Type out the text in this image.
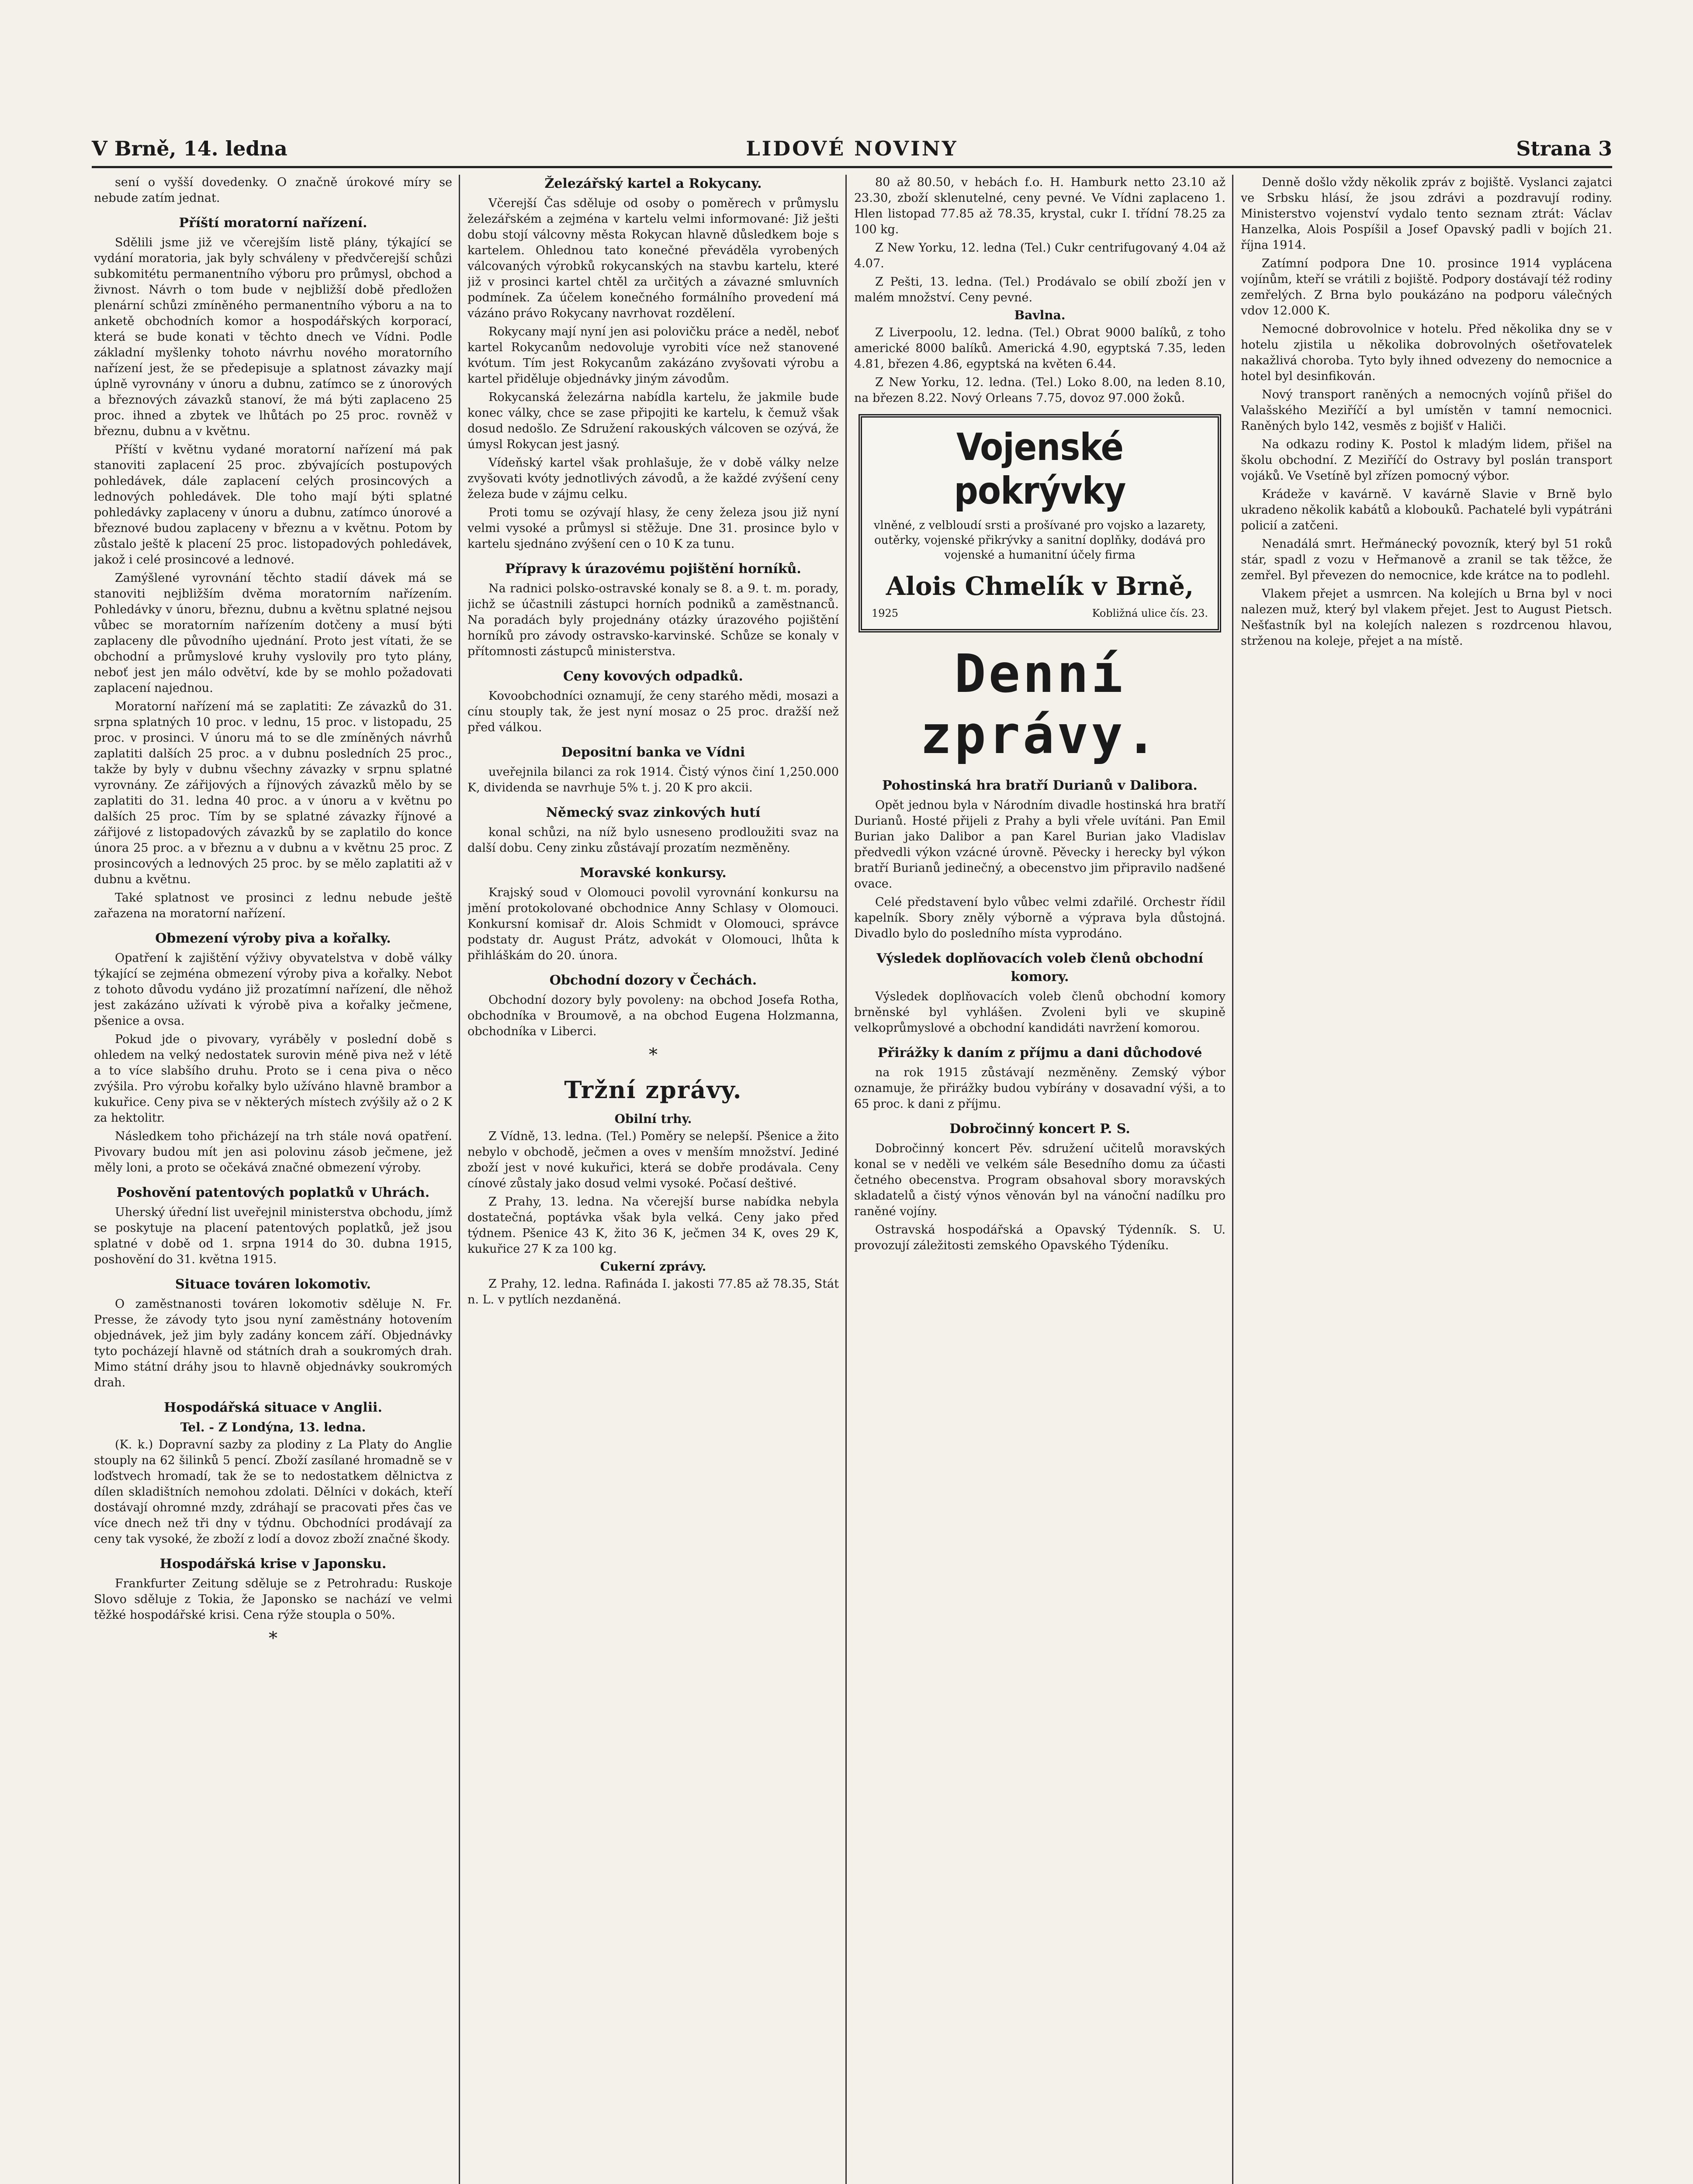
LIDOVÉ NOVINY
V Brně, 14. ledna	Strana 3

sení o vyšší dovedenky. O značně úrokové míry se nebude zatím jednat.

Příští moratorní nařízení.

Sdělili jsme již ve včerejším listě plány, týkající se vydání moratoria, jak byly schváleny v předvčerejší schůzi subkomitétu permanentního výboru pro průmysl, obchod a živnost. Návrh o tom bude v nejbližší době předložen plenární schůzi zmíněného permanentního výboru a na to anketě obchodních komor a hospodářských korporací, která se bude konati v těchto dnech ve Vídni. Podle základní myšlenky tohoto návrhu nového moratorního nařízení jest, že se předepisuje a splatnost závazky mají úplně vyrovnány v únoru a dubnu, zatímco se z únorových a březnových závazků stanoví, že má býti zaplaceno 25 proc. ihned a zbytek ve lhůtách po 25 proc. rovněž v březnu, dubnu a v květnu.

Příští v květnu vydané moratorní nařízení má pak stanoviti zaplacení 25 proc. zbývajících postupových pohledávek, dále zaplacení celých prosincových a lednových pohledávek. Dle toho mají býti splatné pohledávky zaplaceny v únoru a dubnu, zatímco únorové a březnové budou zaplaceny v březnu a v květnu. Potom by zůstalo ještě k placení 25 proc. listopadových pohledávek, jakož i celé prosincové a lednové.

Zamýšlené vyrovnání těchto stadií dávek má se stanoviti nejbližším dvěma moratorním nařízením. Pohledávky v únoru, březnu, dubnu a květnu splatné nejsou vůbec se moratorním nařízením dotčeny a musí býti zaplaceny dle původního ujednání. Proto jest vítati, že se obchodní a průmyslové kruhy vyslovily pro tyto plány, neboť jest jen málo odvětví, kde by se mohlo požadovati zaplacení najednou.

Moratorní nařízení má se zaplatiti: Ze závazků do 31. srpna splatných 10 proc. v lednu, 15 proc. v listopadu, 25 proc. v prosinci. V únoru má to se dle zmíněných návrhů zaplatiti dalších 25 proc. a v dubnu posledních 25 proc., takže by byly v dubnu všechny závazky v srpnu splatné vyrovnány. Ze zářijových a říjnových závazků mělo by se zaplatiti do 31. ledna 40 proc. a v únoru a v květnu po dalších 25 proc. Tím by se splatné závazky říjnové a zářijové z listopadových závazků by se zaplatilo do konce února 25 proc. a v březnu a v dubnu a v květnu 25 proc. Z prosincových a lednových 25 proc. by se mělo zaplatiti až v dubnu a květnu.

Také splatnost ve prosinci z lednu nebude ještě zařazena na moratorní nařízení.

Obmezení výroby piva a kořalky.

Opatření k zajištění výživy obyvatelstva v době války týkající se zejména obmezení výroby piva a kořalky. Nebot z tohoto důvodu vydáno již prozatímní nařízení, dle něhož jest zakázáno užívati k výrobě piva a kořalky ječmene, pšenice a ovsa.

Pokud jde o pivovary, vyráběly v poslední době s ohledem na velký nedostatek surovin méně piva než v létě a to více slabšího druhu. Proto se i cena piva o něco zvýšila. Pro výrobu kořalky bylo užíváno hlavně brambor a kukuřice. Ceny piva se v některých místech zvýšily až o 2 K za hektolitr.

Následkem toho přicházejí na trh stále nová opatření. Pivovary budou mít jen asi polovinu zásob ječmene, jež měly loni, a proto se očekává značné obmezení výroby.

Poshovění patentových poplatků v Uhrách.

Uherský úřední list uveřejnil ministerstva obchodu, jímž se poskytuje na placení patentových poplatků, jež jsou splatné v době od 1. srpna 1914 do 30. dubna 1915, poshovění do 31. května 1915.

Situace továren lokomotiv.

O zaměstnanosti továren lokomotiv sděluje N. Fr. Presse, že závody tyto jsou nyní zaměstnány hotovením objednávek, jež jim byly zadány koncem září. Objednávky tyto pocházejí hlavně od státních drah a soukromých drah. Mimo státní dráhy jsou to hlavně objednávky soukromých drah.

Hospodářská situace v Anglii.
Tel. - Z Londýna, 13. ledna.

(K. k.) Dopravní sazby za plodiny z La Platy do Anglie stouply na 62 šilinků 5 pencí. Zboží zasílané hromadně se v loďstvech hromadí, tak že se to nedostatkem dělnictva z dílen skladištních nemohou zdolati. Dělníci v dokách, kteří dostávají ohromné mzdy, zdráhají se pracovati přes čas ve více dnech než tři dny v týdnu. Obchodníci prodávají za ceny tak vysoké, že zboží z lodí a dovoz zboží značné škody.

Hospodářská krise v Japonsku.

Frankfurter Zeitung sděluje se z Petrohradu: Ruskoje Slovo sděluje z Tokia, že Japonsko se nachází ve velmi těžké hospodářské krisi. Cena rýže stoupla o 50%.

*
Železářský kartel a Rokycany.

Včerejší Čas sděluje od osoby o poměrech v průmyslu železářském a zejména v kartelu velmi informované: Již ješti dobu stojí válcovny města Rokycan hlavně důsledkem boje s kartelem. Ohlednou tato konečné převáděla vyrobených válcovaných výrobků rokycanských na stavbu kartelu, které již v prosinci kartel chtěl za určitých a závazné smluvních podmínek. Za účelem konečného formálního provedení má vázáno právo Rokycany navrhovat rozdělení.

Rokycany mají nyní jen asi polovičku práce a neděl, neboť kartel Rokycanům nedovoluje vyrobiti více než stanovené kvótum. Tím jest Rokycanům zakázáno zvyšovati výrobu a kartel přiděluje objednávky jiným závodům.

Rokycanská železárna nabídla kartelu, že jakmile bude konec války, chce se zase připojiti ke kartelu, k čemuž však dosud nedošlo. Ze Sdružení rakouských válcoven se ozývá, že úmysl Rokycan jest jasný.

Vídeňský kartel však prohlašuje, že v době války nelze zvyšovati kvóty jednotlivých závodů, a že každé zvýšení ceny železa bude v zájmu celku.

Proti tomu se ozývají hlasy, že ceny železa jsou již nyní velmi vysoké a průmysl si stěžuje. Dne 31. prosince bylo v kartelu sjednáno zvýšení cen o 10 K za tunu.

Přípravy k úrazovému pojištění horníků.

Na radnici polsko-ostravské konaly se 8. a 9. t. m. porady, jichž se účastnili zástupci horních podniků a zaměstnanců. Na poradách byly projednány otázky úrazového pojištění horníků pro závody ostravsko-karvinské. Schůze se konaly v přítomnosti zástupců ministerstva.

Ceny kovových odpadků.

Kovoobchodníci oznamují, že ceny starého mědi, mosazi a cínu stouply tak, že jest nyní mosaz o 25 proc. dražší než před válkou.

Depositní banka ve Vídni

uveřejnila bilanci za rok 1914. Čistý výnos činí 1,250.000 K, dividenda se navrhuje 5% t. j. 20 K pro akcii.

Německý svaz zinkových hutí

konal schůzi, na níž bylo usneseno prodloužiti svaz na další dobu. Ceny zinku zůstávají prozatím nezměněny.

Moravské konkursy.

Krajský soud v Olomouci povolil vyrovnání konkursu na jmění protokolované obchodnice Anny Schlasy v Olomouci. Konkursní komisař dr. Alois Schmidt v Olomouci, správce podstaty dr. August Prátz, advokát v Olomouci, lhůta k přihláškám do 20. února.

Obchodní dozory v Čechách.

Obchodní dozory byly povoleny: na obchod Josefa Rotha, obchodníka v Broumově, a na obchod Eugena Holzmanna, obchodníka v Liberci.

*
Tržní zprávy.
Obilní trhy.

Z Vídně, 13. ledna. (Tel.) Poměry se nelepší. Pšenice a žito nebylo v obchodě, ječmen a oves v menším množství. Jediné zboží jest v nové kukuřici, která se dobře prodávala. Ceny cínové zůstaly jako dosud velmi vysoké. Počasí deštivé.

Z Prahy, 13. ledna. Na včerejší burse nabídka nebyla dostatečná, poptávka však byla velká. Ceny jako před týdnem. Pšenice 43 K, žito 36 K, ječmen 34 K, oves 29 K, kukuřice 27 K za 100 kg.

Cukerní zprávy.

Z Prahy, 12. ledna. Rafináda I. jakosti 77.85 až 78.35, Stát n. L. v pytlích nezdaněná.

80 až 80.50, v hebách f.o. H. Hamburk netto 23.10 až 23.30, zboží sklenutelné, ceny pevné. Ve Vídni zaplaceno 1. Hlen listopad 77.85 až 78.35, krystal, cukr I. třídní 78.25 za 100 kg.

Z New Yorku, 12. ledna (Tel.) Cukr centrifugovaný 4.04 až 4.07.

Z Pešti, 13. ledna. (Tel.) Prodávalo se obilí zboží jen v malém množství. Ceny pevné.

Bavlna.

Z Liverpoolu, 12. ledna. (Tel.) Obrat 9000 balíků, z toho americké 8000 balíků. Americká 4.90, egyptská 7.35, leden 4.81, březen 4.86, egyptská na květen 6.44.

Z New Yorku, 12. ledna. (Tel.) Loko 8.00, na leden 8.10, na březen 8.22. Nový Orleans 7.75, dovoz 97.000 žoků.

Vojenské pokrývky
vlněné, z velbloudí srsti a prošívané pro vojsko a lazarety, outěrky, vojenské přikrývky a sanitní doplňky, dodává pro vojenské a humanitní účely firma
Alois Chmelík v Brně,
1925	Kobližná ulice čís. 23.
Denní zprávy.
Pohostinská hra bratří Durianů v Dalibora.

Opět jednou byla v Národním divadle hostinská hra bratří Durianů. Hosté přijeli z Prahy a byli vřele uvítáni. Pan Emil Burian jako Dalibor a pan Karel Burian jako Vladislav předvedli výkon vzácné úrovně. Pěvecky i herecky byl výkon bratří Burianů jedinečný, a obecenstvo jim připravilo nadšené ovace.

Celé představení bylo vůbec velmi zdařilé. Orchestr řídil kapelník. Sbory zněly výborně a výprava byla důstojná. Divadlo bylo do posledního místa vyprodáno.

Výsledek doplňovacích voleb členů obchodní komory.

Výsledek doplňovacích voleb členů obchodní komory brněnské byl vyhlášen. Zvoleni byli ve skupině velkoprůmyslové a obchodní kandidáti navržení komorou.

Přirážky k daním z příjmu a dani důchodové

na rok 1915 zůstávají nezměněny. Zemský výbor oznamuje, že přirážky budou vybírány v dosavadní výši, a to 65 proc. k dani z příjmu.

Dobročinný koncert P. S.

Dobročinný koncert Pěv. sdružení učitelů moravských konal se v neděli ve velkém sále Besedního domu za účasti četného obecenstva. Program obsahoval sbory moravských skladatelů a čistý výnos věnován byl na vánoční nadílku pro raněné vojíny.

Ostravská hospodářská a Opavský Týdenník. S. U. provozují záležitosti zemského Opavského Týdeníku.

Denně došlo vždy několik zpráv z bojiště. Vyslanci zajatci ve Srbsku hlásí, že jsou zdrávi a pozdravují rodiny. Ministerstvo vojenství vydalo tento seznam ztrát: Václav Hanzelka, Alois Pospíšil a Josef Opavský padli v bojích 21. října 1914.

Zatímní podpora Dne 10. prosince 1914 vyplácena vojínům, kteří se vrátili z bojiště. Podpory dostávají též rodiny zemřelých. Z Brna bylo poukázáno na podporu válečných vdov 12.000 K.

Nemocné dobrovolnice v hotelu. Před několika dny se v hotelu zjistila u několika dobrovolných ošetřovatelek nakažlivá choroba. Tyto byly ihned odvezeny do nemocnice a hotel byl desinfikován.

Nový transport raněných a nemocných vojínů přišel do Valašského Meziříčí a byl umístěn v tamní nemocnici. Raněných bylo 142, vesměs z bojišť v Haliči.

Na odkazu rodiny K. Postol k mladým lidem, přišel na školu obchodní. Z Meziříčí do Ostravy byl poslán transport vojáků. Ve Vsetíně byl zřízen pomocný výbor.

Krádeže v kavárně. V kavárně Slavie v Brně bylo ukradeno několik kabátů a klobouků. Pachatelé byli vypátráni policií a zatčeni.

Nenadálá smrt. Heřmánecký povozník, který byl 51 roků stár, spadl z vozu v Heřmanově a zranil se tak těžce, že zemřel. Byl převezen do nemocnice, kde krátce na to podlehl.

Vlakem přejet a usmrcen. Na kolejích u Brna byl v noci nalezen muž, který byl vlakem přejet. Jest to August Pietsch. Nešťastník byl na kolejích nalezen s rozdrcenou hlavou, strženou na koleje, přejet a na místě.
